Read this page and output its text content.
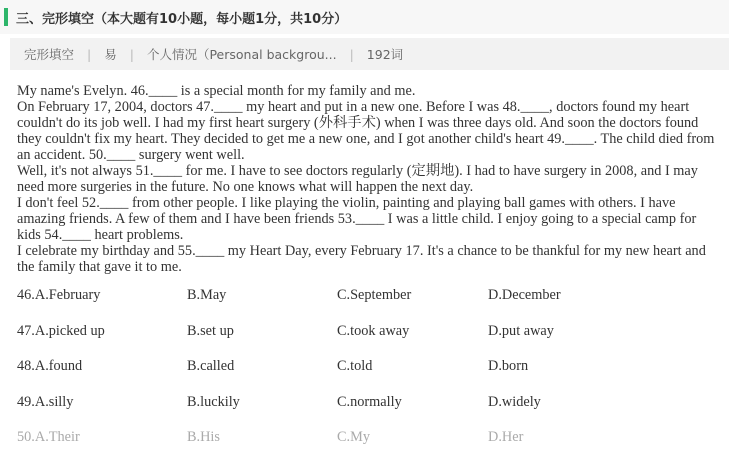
三、完形填空（本大题有10小题，每小题1分，共10分）
完形填空 | 易 | 个人情况（Personal backgrou... | 192词

My name's Evelyn. 46.____ is a special month for my family and me.

On February 17, 2004, doctors 47.____ my heart and put in a new one. Before I was 48.____, doctors found my heart couldn't do its job well. I had my first heart surgery (外科手术) when I was three days old. And soon the doctors found they couldn't fix my heart. They decided to get me a new one, and I got another child's heart 49.____. The child died from an accident. 50.____ surgery went well.

Well, it's not always 51.____ for me. I have to see doctors regularly (定期地). I had to have surgery in 2008, and I may need more surgeries in the future. No one knows what will happen the next day.

I don't feel 52.____ from other people. I like playing the violin, painting and playing ball games with others. I have amazing friends. A few of them and I have been friends 53.____ I was a little child. I enjoy going to a special camp for kids 54.____ heart problems.

I celebrate my birthday and 55.____ my Heart Day, every February 17. It's a chance to be thankful for my new heart and the family that gave it to me.

46.A.February	B.May	C.September	D.December
47.A.picked up	B.set up	C.took away	D.put away
48.A.found	B.called	C.told	D.born
49.A.silly	B.luckily	C.normally	D.widely
50.A.Their	B.His	C.My	D.Her
